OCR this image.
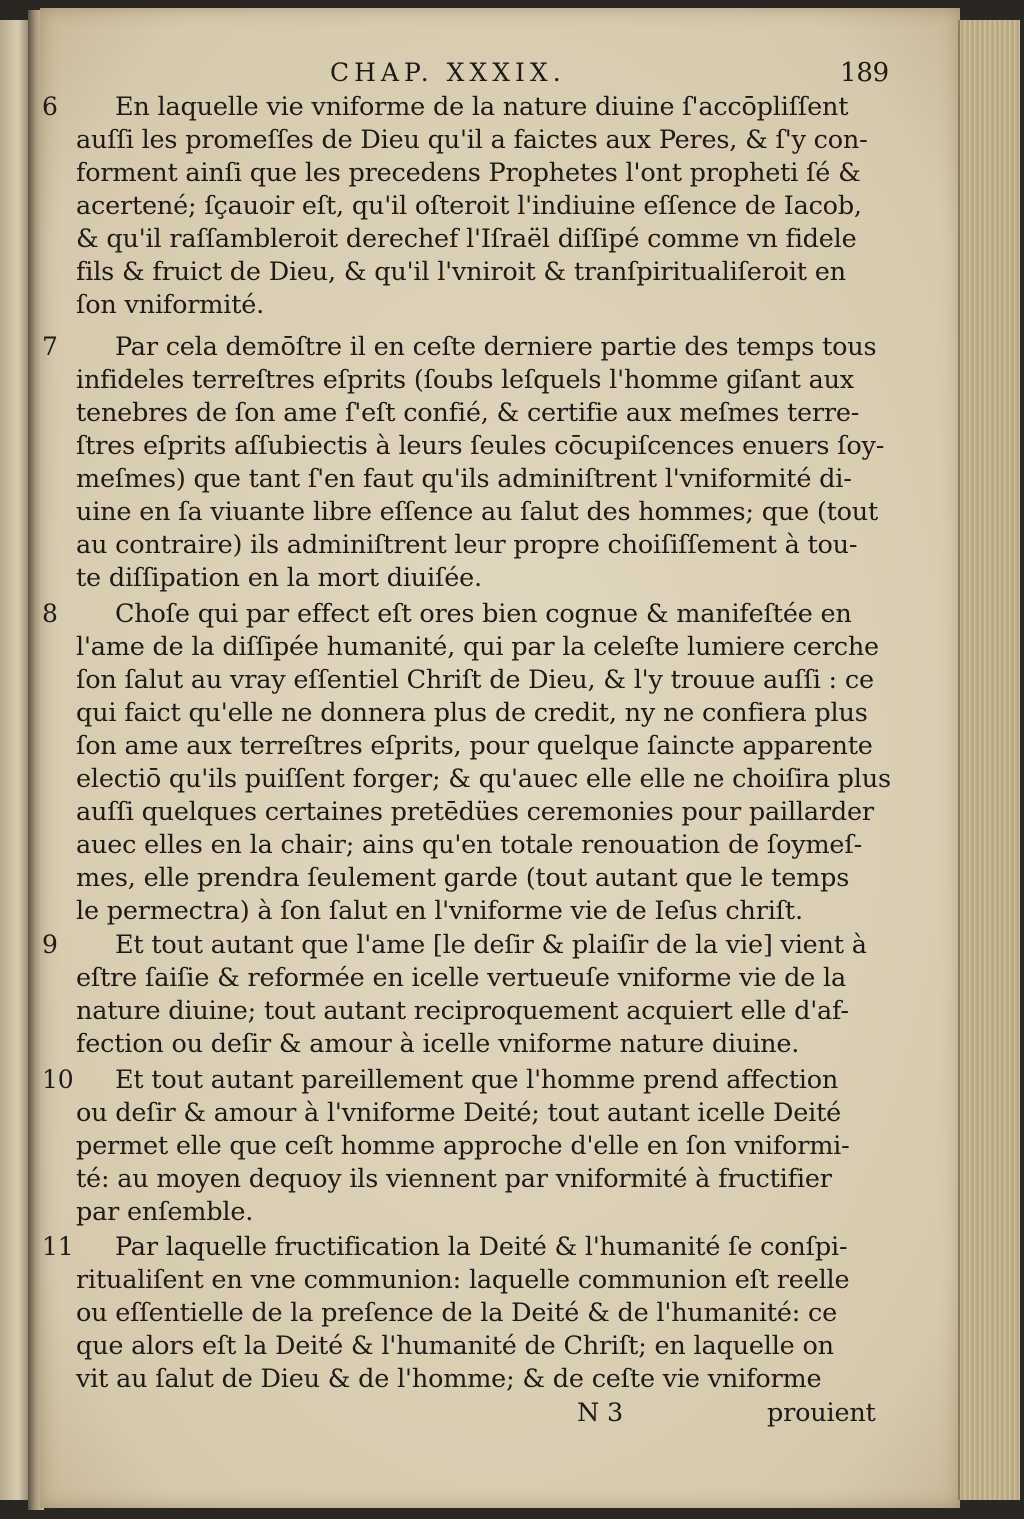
CHAP. XXXIX.	189
6 En laquelle vie vniforme de la nature diuine ſ'accōpliſſent
auſſi les promeſſes de Dieu qu'il a faictes aux Peres, & ſ'y con-
forment ainſi que les precedens Prophetes l'ont propheti ſé &
acertené; ſçauoir eſt, qu'il oſteroit l'indiuine eſſence de Iacob,
& qu'il raſſambleroit derechef l'Iſraël diſſipé comme vn fidele
fils & fruict de Dieu, & qu'il l'vniroit & tranſpiritualiſeroit en
ſon vniformité.
7 Par cela demōſtre il en ceſte derniere partie des temps tous
infideles terreſtres eſprits (ſoubs leſquels l'homme giſant aux
tenebres de ſon ame ſ'eſt confié, & certifie aux meſmes terre-
ſtres eſprits aſſubiectis à leurs ſeules cōcupiſcences enuers ſoy-
meſmes) que tant ſ'en faut qu'ils adminiſtrent l'vniformité di-
uine en ſa viuante libre eſſence au ſalut des hommes; que (tout
au contraire) ils adminiſtrent leur propre choiſiſſement à tou-
te diſſipation en la mort diuiſée.
8 Choſe qui par effect eſt ores bien cognue & manifeſtée en
l'ame de la diſſipée humanité, qui par la celeſte lumiere cerche
ſon ſalut au vray eſſentiel Chriſt de Dieu, & l'y trouue auſſi : ce
qui faict qu'elle ne donnera plus de credit, ny ne confiera plus
ſon ame aux terreſtres eſprits, pour quelque ſaincte apparente
electiō qu'ils puiſſent forger; & qu'auec elle elle ne choiſira plus
auſſi quelques certaines pretēdües ceremonies pour paillarder
auec elles en la chair; ains qu'en totale renouation de ſoymeſ-
mes, elle prendra ſeulement garde (tout autant que le temps
le permectra) à ſon ſalut en l'vniforme vie de Ieſus chriſt.
9 Et tout autant que l'ame [le deſir & plaiſir de la vie] vient à
eſtre ſaiſie & reformée en icelle vertueuſe vniforme vie de la
nature diuine; tout autant reciproquement acquiert elle d'af-
fection ou deſir & amour à icelle vniforme nature diuine.
10 Et tout autant pareillement que l'homme prend affection
ou deſir & amour à l'vniforme Deité; tout autant icelle Deité
permet elle que ceſt homme approche d'elle en ſon vniformi-
té: au moyen dequoy ils viennent par vniformité à fructifier
par enſemble.
11 Par laquelle fructification la Deité & l'humanité ſe conſpi-
ritualiſent en vne communion: laquelle communion eſt reelle
ou eſſentielle de la preſence de la Deité & de l'humanité: ce
que alors eſt la Deité & l'humanité de Chriſt; en laquelle on
vit au ſalut de Dieu & de l'homme; & de ceſte vie vniforme
N 3	prouient
